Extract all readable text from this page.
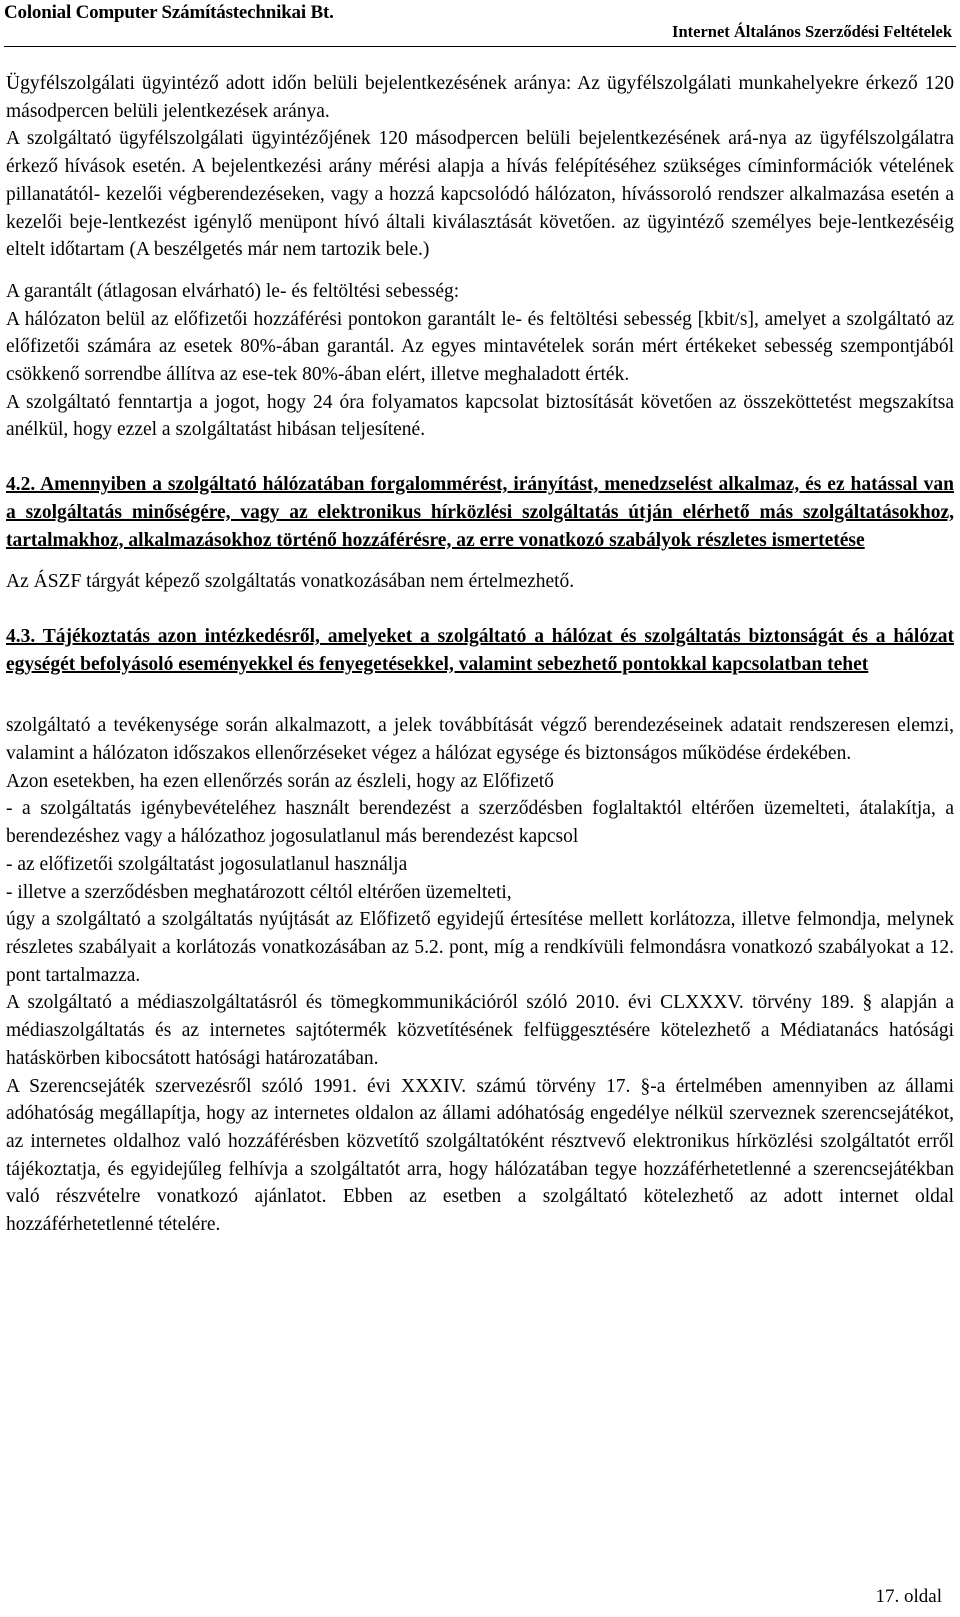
Colonial Computer Számítástechnikai Bt.
Internet Általános Szerződési Feltételek

Ügyfélszolgálati ügyintéző adott időn belüli bejelentkezésének aránya: Az ügyfélszolgálati munkahelyekre érkező 120 másodpercen belüli jelentkezések aránya.

A szolgáltató ügyfélszolgálati ügyintézőjének 120 másodpercen belüli bejelentkezésének ará-nya az ügyfélszolgálatra érkező hívások esetén. A bejelentkezési arány mérési alapja a hívás felépítéséhez szükséges címinformációk vételének pillanatától- kezelői végberendezéseken, vagy a hozzá kapcsolódó hálózaton, hívássoroló rendszer alkalmazása esetén a kezelői beje-lentkezést igénylő menüpont hívó általi kiválasztását követően. az ügyintéző személyes beje-lentkezéséig eltelt időtartam (A beszélgetés már nem tartozik bele.)

A garantált (átlagosan elvárható) le- és feltöltési sebesség:

A hálózaton belül az előfizetői hozzáférési pontokon garantált le- és feltöltési sebesség [kbit/s], amelyet a szolgáltató az előfizetői számára az esetek 80%-ában garantál. Az egyes mintavételek során mért értékeket sebesség szempontjából csökkenő sorrendbe állítva az ese-tek 80%-ában elért, illetve meghaladott érték.

A szolgáltató fenntartja a jogot, hogy 24 óra folyamatos kapcsolat biztosítását követően az összeköttetést megszakítsa anélkül, hogy ezzel a szolgáltatást hibásan teljesítené.

4.2. Amennyiben a szolgáltató hálózatában forgalommérést, irányítást, menedzselést alkalmaz, és ez hatással van a szolgáltatás minőségére, vagy az elektronikus hírközlési szolgáltatás útján elérhető más szolgáltatásokhoz, tartalmakhoz, alkalmazásokhoz történő hozzáférésre, az erre vonatkozó szabályok részletes ismertetése

Az ÁSZF tárgyát képező szolgáltatás vonatkozásában nem értelmezhető.

4.3. Tájékoztatás azon intézkedésről, amelyeket a szolgáltató a hálózat és szolgáltatás biztonságát és a hálózat egységét befolyásoló eseményekkel és fenyegetésekkel, valamint sebezhető pontokkal kapcsolatban tehet

szolgáltató a tevékenysége során alkalmazott, a jelek továbbítását végző berendezéseinek adatait rendszeresen elemzi, valamint a hálózaton időszakos ellenőrzéseket végez a hálózat egysége és biztonságos működése érdekében.

Azon esetekben, ha ezen ellenőrzés során az észleli, hogy az Előfizető

- a szolgáltatás igénybevételéhez használt berendezést a szerződésben foglaltaktól eltérően üzemelteti, átalakítja, a berendezéshez vagy a hálózathoz jogosulatlanul más berendezést kapcsol

- az előfizetői szolgáltatást jogosulatlanul használja

- illetve a szerződésben meghatározott céltól eltérően üzemelteti,

úgy a szolgáltató a szolgáltatás nyújtását az Előfizető egyidejű értesítése mellett korlátozza, illetve felmondja, melynek részletes szabályait a korlátozás vonatkozásában az 5.2. pont, míg a rendkívüli felmondásra vonatkozó szabályokat a 12. pont tartalmazza.

A szolgáltató a médiaszolgáltatásról és tömegkommunikációról szóló 2010. évi CLXXXV. törvény 189. § alapján a médiaszolgáltatás és az internetes sajtótermék közvetítésének felfüggesztésére kötelezhető a Médiatanács hatósági hatáskörben kibocsátott hatósági határozatában.

A Szerencsejáték szervezésről szóló 1991. évi XXXIV. számú törvény 17. §-a értelmében amennyiben az állami adóhatóság megállapítja, hogy az internetes oldalon az állami adóhatóság engedélye nélkül szerveznek szerencsejátékot, az internetes oldalhoz való hozzáférésben közvetítő szolgáltatóként résztvevő elektronikus hírközlési szolgáltatót erről tájékoztatja, és egyidejűleg felhívja a szolgáltatót arra, hogy hálózatában tegye hozzáférhetetlenné a szerencsejátékban való részvételre vonatkozó ajánlatot. Ebben az esetben a szolgáltató kötelezhető az adott internet oldal hozzáférhetetlenné tételére.

17. oldal
